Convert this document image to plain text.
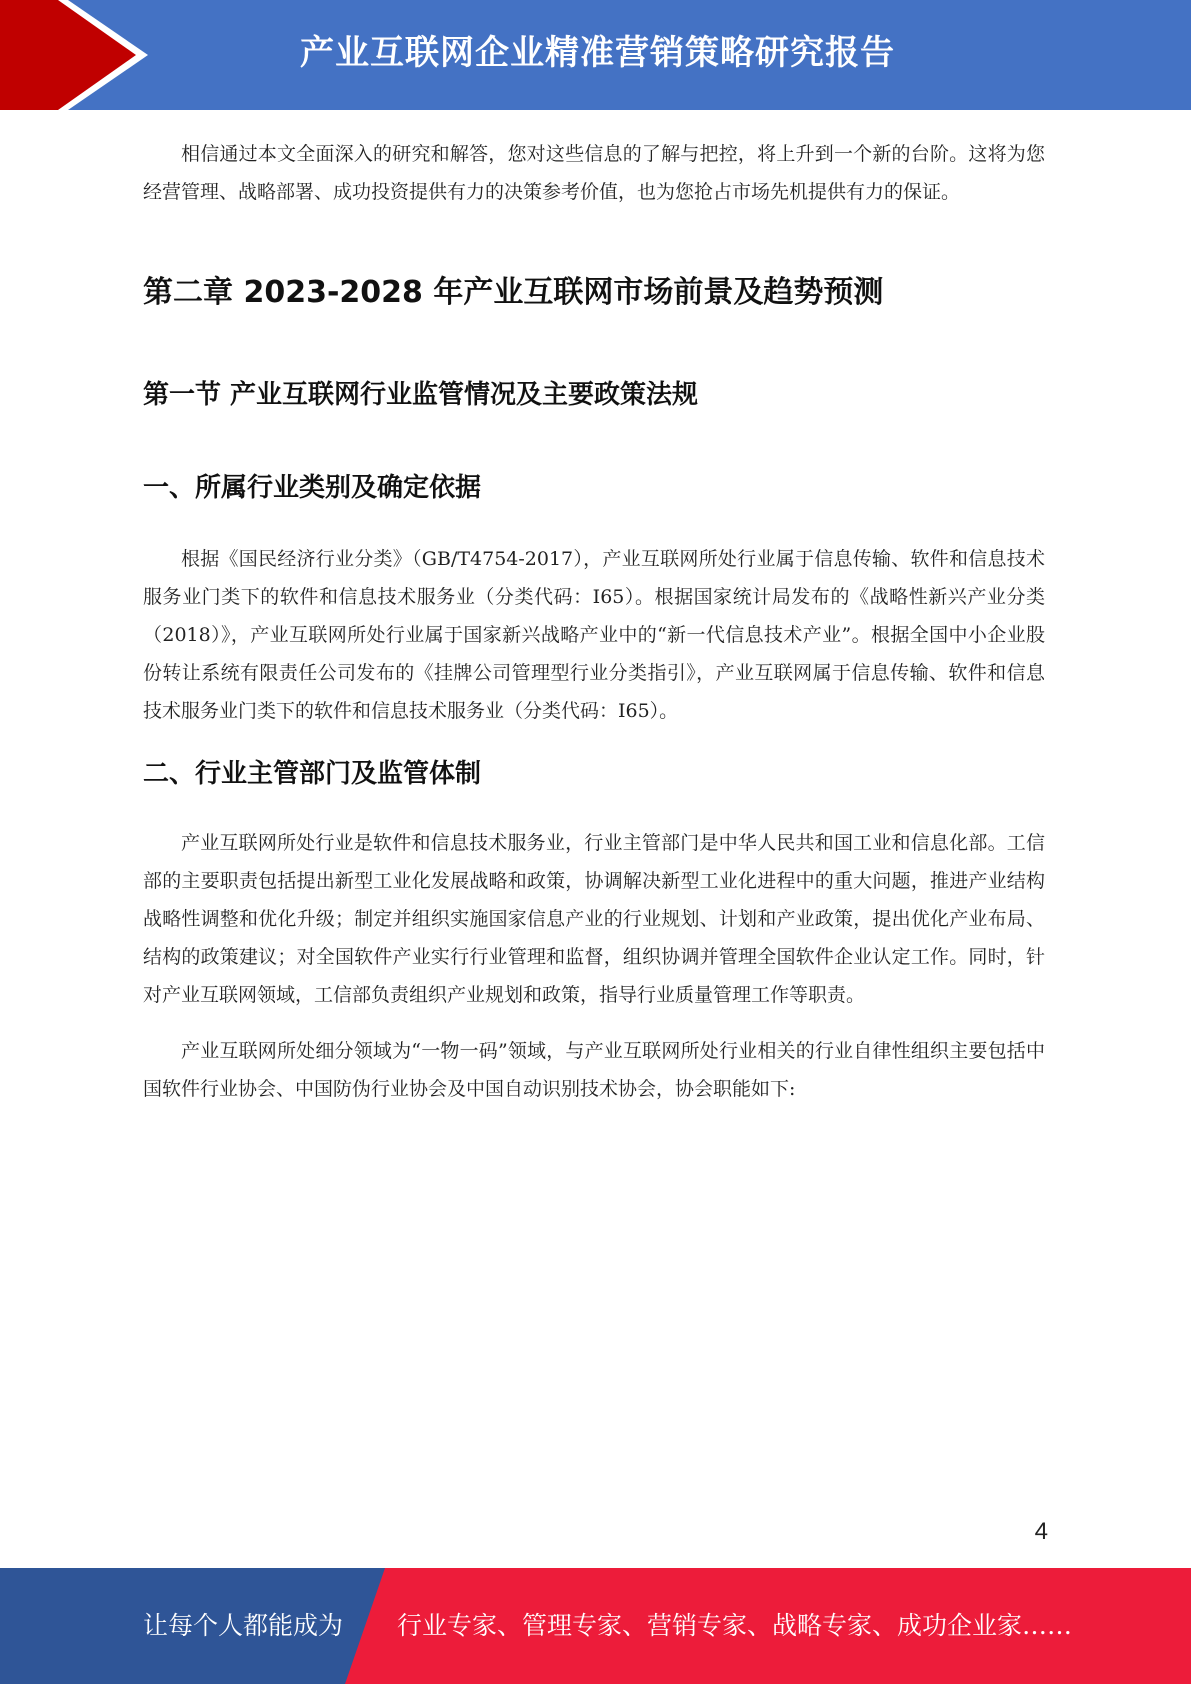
产业互联网企业精准营销策略研究报告

相信通过本文全面深入的研究和解答，您对这些信息的了解与把控，将上升到一个新的台阶。这将为您经营管理、战略部署、成功投资提供有力的决策参考价值，也为您抢占市场先机提供有力的保证。

第二章 2023-2028 年产业互联网市场前景及趋势预测
第一节 产业互联网行业监管情况及主要政策法规
一、所属行业类别及确定依据

根据《国民经济行业分类》（GB/T4754-2017），产业互联网所处行业属于信息传输、软件和信息技术服务业门类下的软件和信息技术服务业（分类代码：I65）。根据国家统计局发布的《战略性新兴产业分类（2018）》，产业互联网所处行业属于国家新兴战略产业中的“新一代信息技术产业”。根据全国中小企业股份转让系统有限责任公司发布的《挂牌公司管理型行业分类指引》，产业互联网属于信息传输、软件和信息技术服务业门类下的软件和信息技术服务业（分类代码：I65）。

二、行业主管部门及监管体制

产业互联网所处行业是软件和信息技术服务业，行业主管部门是中华人民共和国工业和信息化部。工信部的主要职责包括提出新型工业化发展战略和政策，协调解决新型工业化进程中的重大问题，推进产业结构战略性调整和优化升级；制定并组织实施国家信息产业的行业规划、计划和产业政策，提出优化产业布局、结构的政策建议；对全国软件产业实行行业管理和监督，组织协调并管理全国软件企业认定工作。同时，针对产业互联网领域，工信部负责组织产业规划和政策，指导行业质量管理工作等职责。

产业互联网所处细分领域为“一物一码”领域，与产业互联网所处行业相关的行业自律性组织主要包括中国软件行业协会、中国防伪行业协会及中国自动识别技术协会，协会职能如下:

4
让每个人都能成为 行业专家、管理专家、营销专家、战略专家、成功企业家……
